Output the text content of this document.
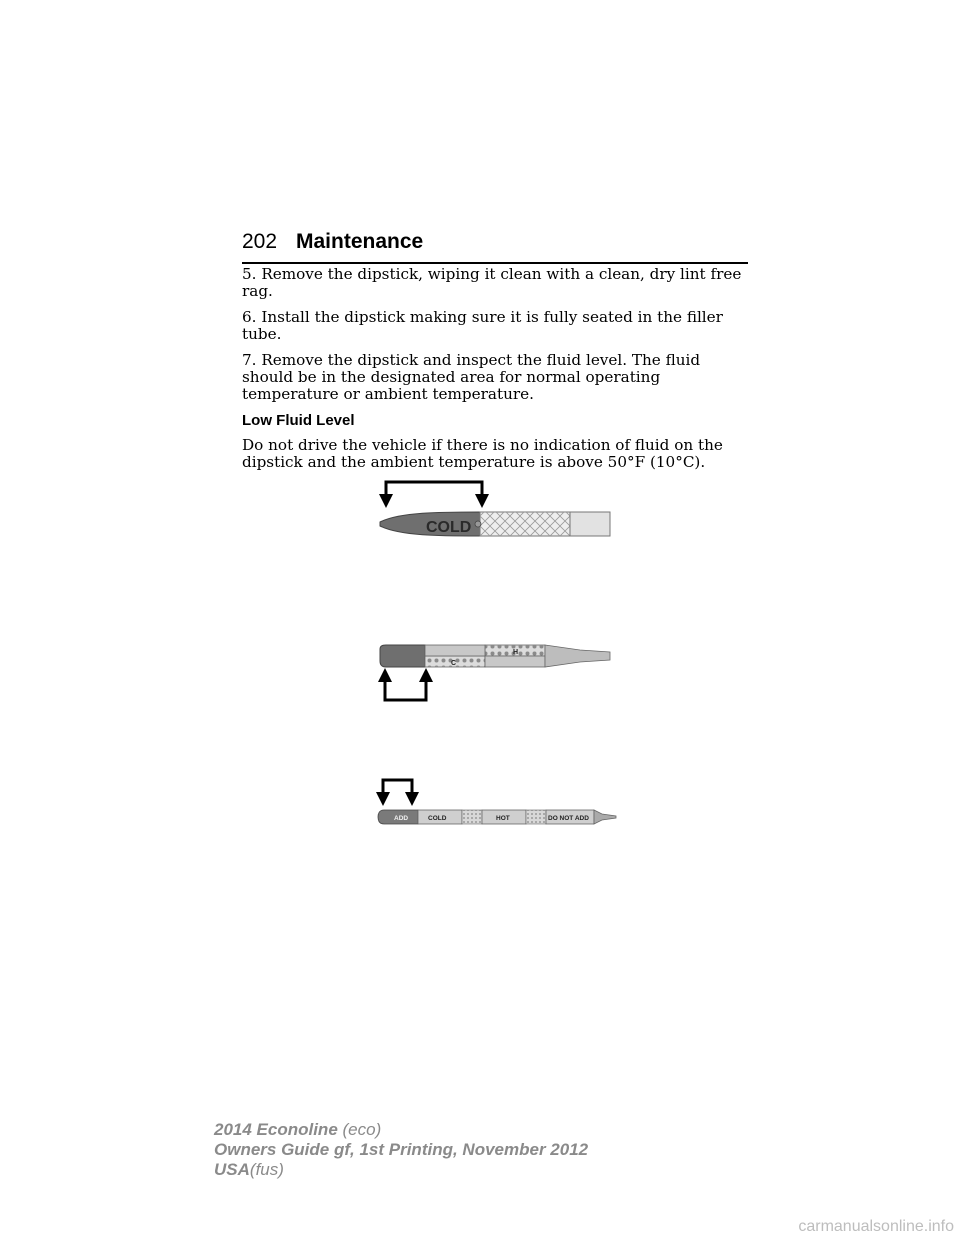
202 Maintenance

5. Remove the dipstick, wiping it clean with a clean, dry lint free rag.

6. Install the dipstick making sure it is fully seated in the filler tube.

7. Remove the dipstick and inspect the fluid level. The fluid should be in the designated area for normal operating temperature or ambient temperature.

Low Fluid Level

Do not drive the vehicle if there is no indication of fluid on the dipstick and the ambient temperature is above 50°F (10°C).

COLD
C
H
ADD	COLD	HOT	DO NOT ADD
2014 Econoline (eco)
Owners Guide gf, 1st Printing, November 2012
USA(fus)
carmanualsonline.info
